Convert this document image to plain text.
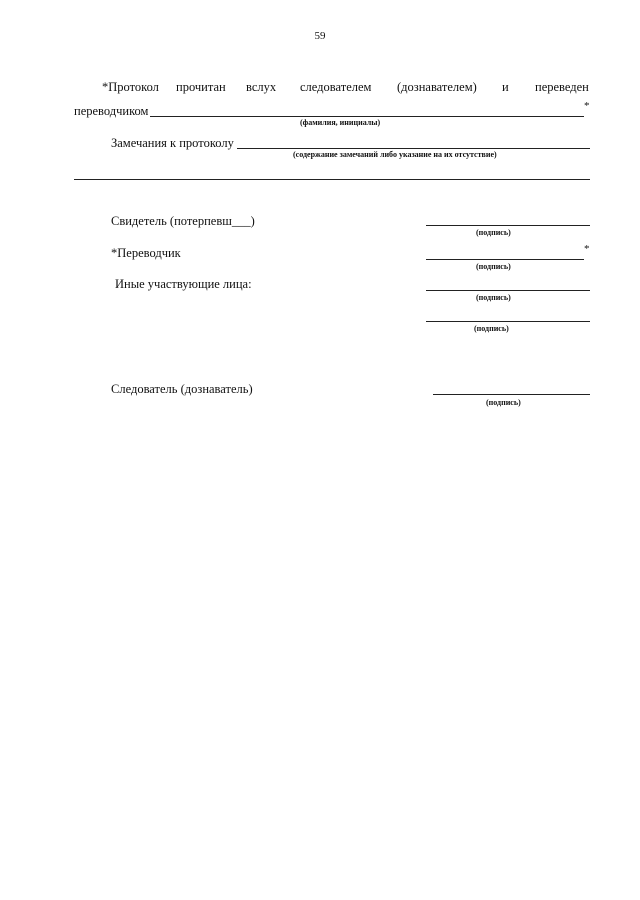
59
*Протокол прочитан вслух следователем (дознавателем) и переведен
переводчиком	*
(фамилия, инициалы)
Замечания к протоколу
(содержание замечаний либо указание на их отсутствие)
Свидетель (потерпевш___)
(подпись)
*Переводчик	*
(подпись)
Иные участвующие лица:
(подпись)
(подпись)
Следователь (дознаватель)
(подпись)
